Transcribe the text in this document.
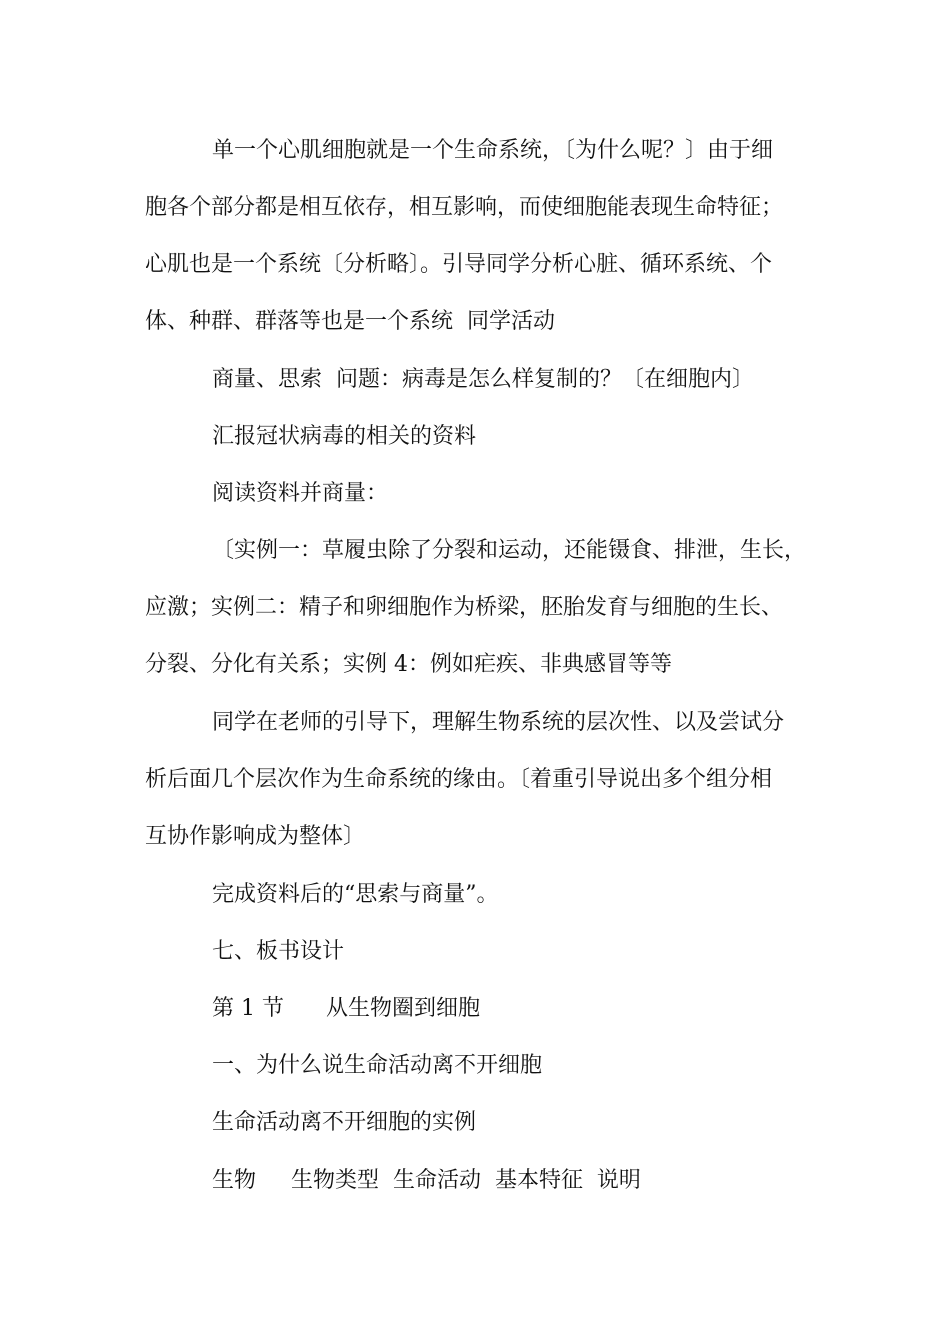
单一个心肌细胞就是一个生命系统，〔为什么呢？〕由于细
胞各个部分都是相互依存，相互影响，而使细胞能表现生命特征；
心肌也是一个系统〔分析略〕。引导同学分析心脏、循环系统、个
体、种群、群落等也是一个系统  同学活动
商量、思索  问题：病毒是怎么样复制的？〔在细胞内〕
汇报冠状病毒的相关的资料
阅读资料并商量：
〔实例一：草履虫除了分裂和运动，还能镊食、排泄，生长，
应激；实例二：精子和卵细胞作为桥梁，胚胎发育与细胞的生长、
分裂、分化有关系；实例 4：例如疟疾、非典感冒等等
同学在老师的引导下，理解生物系统的层次性、以及尝试分
析后面几个层次作为生命系统的缘由。〔着重引导说出多个组分相
互协作影响成为整体〕
完成资料后的“思索与商量”。
七、板书设计
第 1 节      从生物圈到细胞
一、为什么说生命活动离不开细胞
生命活动离不开细胞的实例
生物     生物类型  生命活动  基本特征  说明
